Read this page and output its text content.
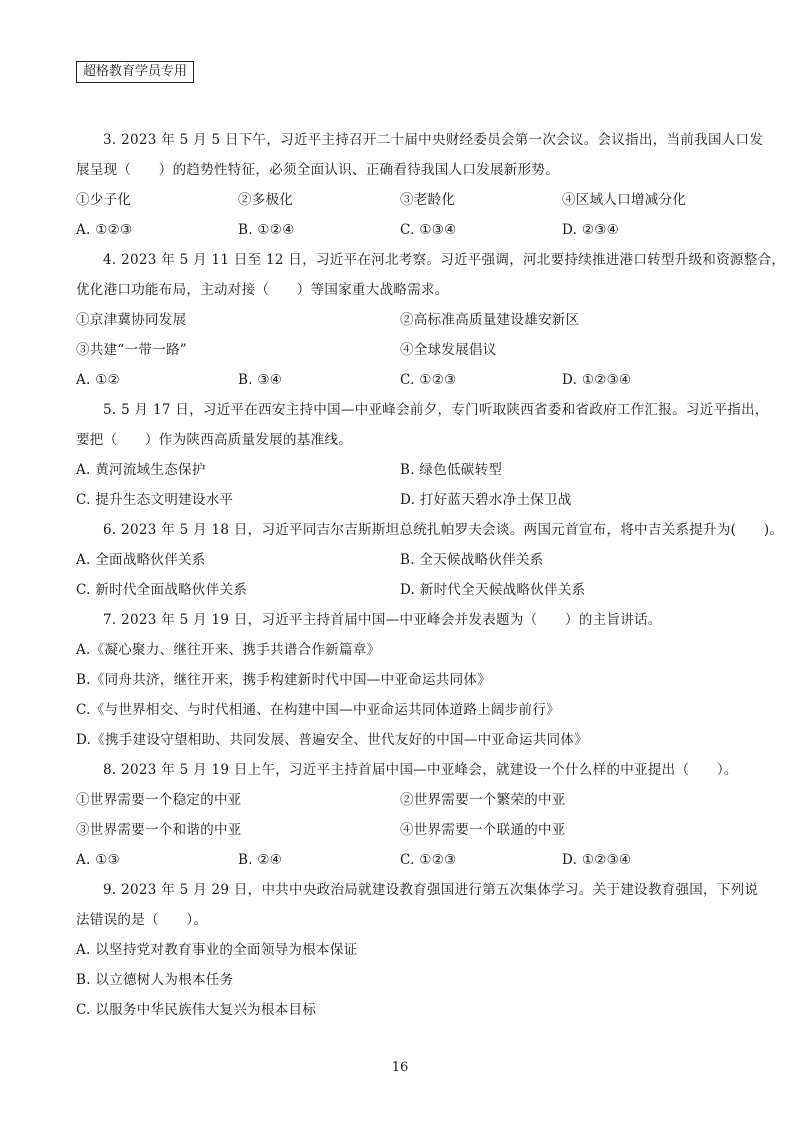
超格教育学员专用
3. 2023 年 5 月 5 日下午，习近平主持召开二十届中央财经委员会第一次会议。会议指出，当前我国人口发
展呈现（　　）的趋势性特征，必须全面认识、正确看待我国人口发展新形势。
①少子化	②多极化	③老龄化	④区域人口增减分化
A. ①②③	B. ①②④	C. ①③④	D. ②③④
4. 2023 年 5 月 11 日至 12 日，习近平在河北考察。习近平强调，河北要持续推进港口转型升级和资源整合，
优化港口功能布局，主动对接（　　）等国家重大战略需求。
①京津冀协同发展	②高标准高质量建设雄安新区
③共建“一带一路”	④全球发展倡议
A. ①②	B. ③④	C. ①②③	D. ①②③④
5. 5 月 17 日，习近平在西安主持中国—中亚峰会前夕，专门听取陕西省委和省政府工作汇报。习近平指出，
要把（　　）作为陕西高质量发展的基准线。
A. 黄河流域生态保护	B. 绿色低碳转型
C. 提升生态文明建设水平	D. 打好蓝天碧水净土保卫战
6. 2023 年 5 月 18 日，习近平同吉尔吉斯斯坦总统扎帕罗夫会谈。两国元首宣布，将中吉关系提升为(　　)。
A. 全面战略伙伴关系	B. 全天候战略伙伴关系
C. 新时代全面战略伙伴关系	D. 新时代全天候战略伙伴关系
7. 2023 年 5 月 19 日，习近平主持首届中国—中亚峰会并发表题为（　　）的主旨讲话。
A.《凝心聚力、继往开来、携手共谱合作新篇章》
B.《同舟共济，继往开来，携手构建新时代中国—中亚命运共同体》
C.《与世界相交、与时代相通、在构建中国—中亚命运共同体道路上阔步前行》
D.《携手建设守望相助、共同发展、普遍安全、世代友好的中国—中亚命运共同体》
8. 2023 年 5 月 19 日上午，习近平主持首届中国—中亚峰会，就建设一个什么样的中亚提出（　　）。
①世界需要一个稳定的中亚	②世界需要一个繁荣的中亚
③世界需要一个和谐的中亚	④世界需要一个联通的中亚
A. ①③	B. ②④	C. ①②③	D. ①②③④
9. 2023 年 5 月 29 日，中共中央政治局就建设教育强国进行第五次集体学习。关于建设教育强国，下列说
法错误的是（　　）。
A. 以坚持党对教育事业的全面领导为根本保证
B. 以立德树人为根本任务
C. 以服务中华民族伟大复兴为根本目标
16
